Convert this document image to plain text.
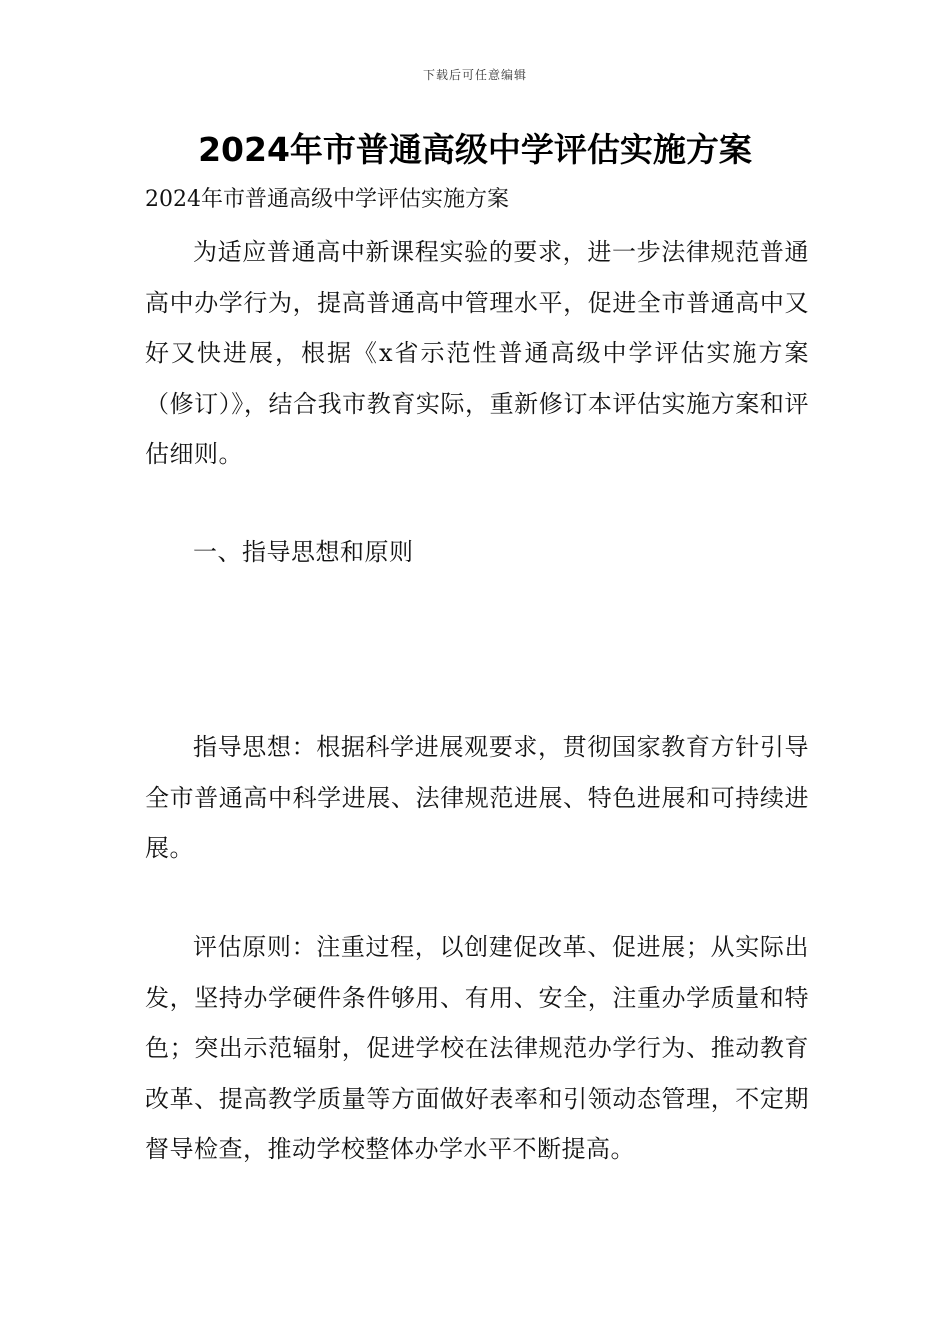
下载后可任意编辑
2024年市普通高级中学评估实施方案

2024年市普通高级中学评估实施方案

为适应普通高中新课程实验的要求，进一步法律规范普通高中办学行为，提高普通高中管理水平，促进全市普通高中又好又快进展，根据《x省示范性普通高级中学评估实施方案（修订）》，结合我市教育实际，重新修订本评估实施方案和评估细则。

一、指导思想和原则

指导思想：根据科学进展观要求，贯彻国家教育方针引导全市普通高中科学进展、法律规范进展、特色进展和可持续进展。

评估原则：注重过程，以创建促改革、促进展；从实际出发，坚持办学硬件条件够用、有用、安全，注重办学质量和特色；突出示范辐射，促进学校在法律规范办学行为、推动教育改革、提高教学质量等方面做好表率和引领动态管理，不定期督导检查，推动学校整体办学水平不断提高。
